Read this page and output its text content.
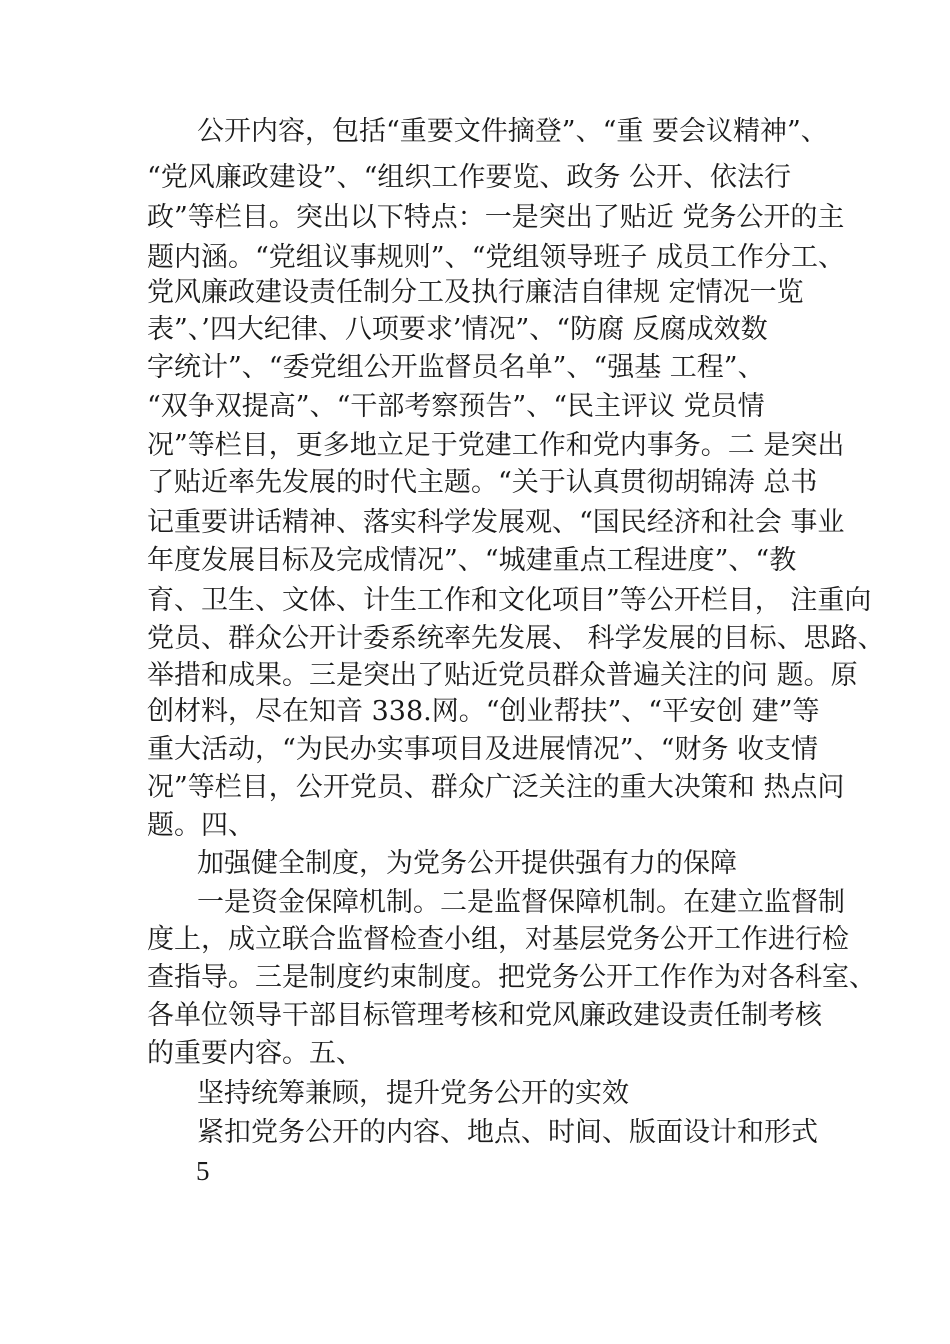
公开内容，包括“重要文件摘登”、“重 要会议精神”、
“党风廉政建设”、“组织工作要览、政务 公开、依法行
政”等栏目。突出以下特点：一是突出了贴近 党务公开的主
题内涵。“党组议事规则”、“党组领导班子 成员工作分工、
党风廉政建设责任制分工及执行廉洁自律规 定情况一览
表”、’四大纪律、八项要求’情况”、“防腐 反腐成效数
字统计”、“委党组公开监督员名单”、“强基 工程”、
“双争双提高”、“干部考察预告”、“民主评议 党员情
况”等栏目，更多地立足于党建工作和党内事务。二 是突出
了贴近率先发展的时代主题。“关于认真贯彻胡锦涛 总书
记重要讲话精神、落实科学发展观、“国民经济和社会 事业
年度发展目标及完成情况”、“城建重点工程进度”、“教
育、卫生、文体、计生工作和文化项目”等公开栏目， 注重向
党员、群众公开计委系统率先发展、 科学发展的目标、思路、
举措和成果。三是突出了贴近党员群众普遍关注的问 题。原
创材料，尽在知音 338.网。“创业帮扶”、“平安创 建”等
重大活动，“为民办实事项目及进展情况”、“财务 收支情
况”等栏目，公开党员、群众广泛关注的重大决策和 热点问
题。四、
加强健全制度，为党务公开提供强有力的保障
一是资金保障机制。二是监督保障机制。在建立监督制
度上，成立联合监督检查小组，对基层党务公开工作进行检
查指导。三是制度约束制度。把党务公开工作作为对各科室、
各单位领导干部目标管理考核和党风廉政建设责任制考核
的重要内容。五、
坚持统筹兼顾，提升党务公开的实效
紧扣党务公开的内容、地点、时间、版面设计和形式
5
